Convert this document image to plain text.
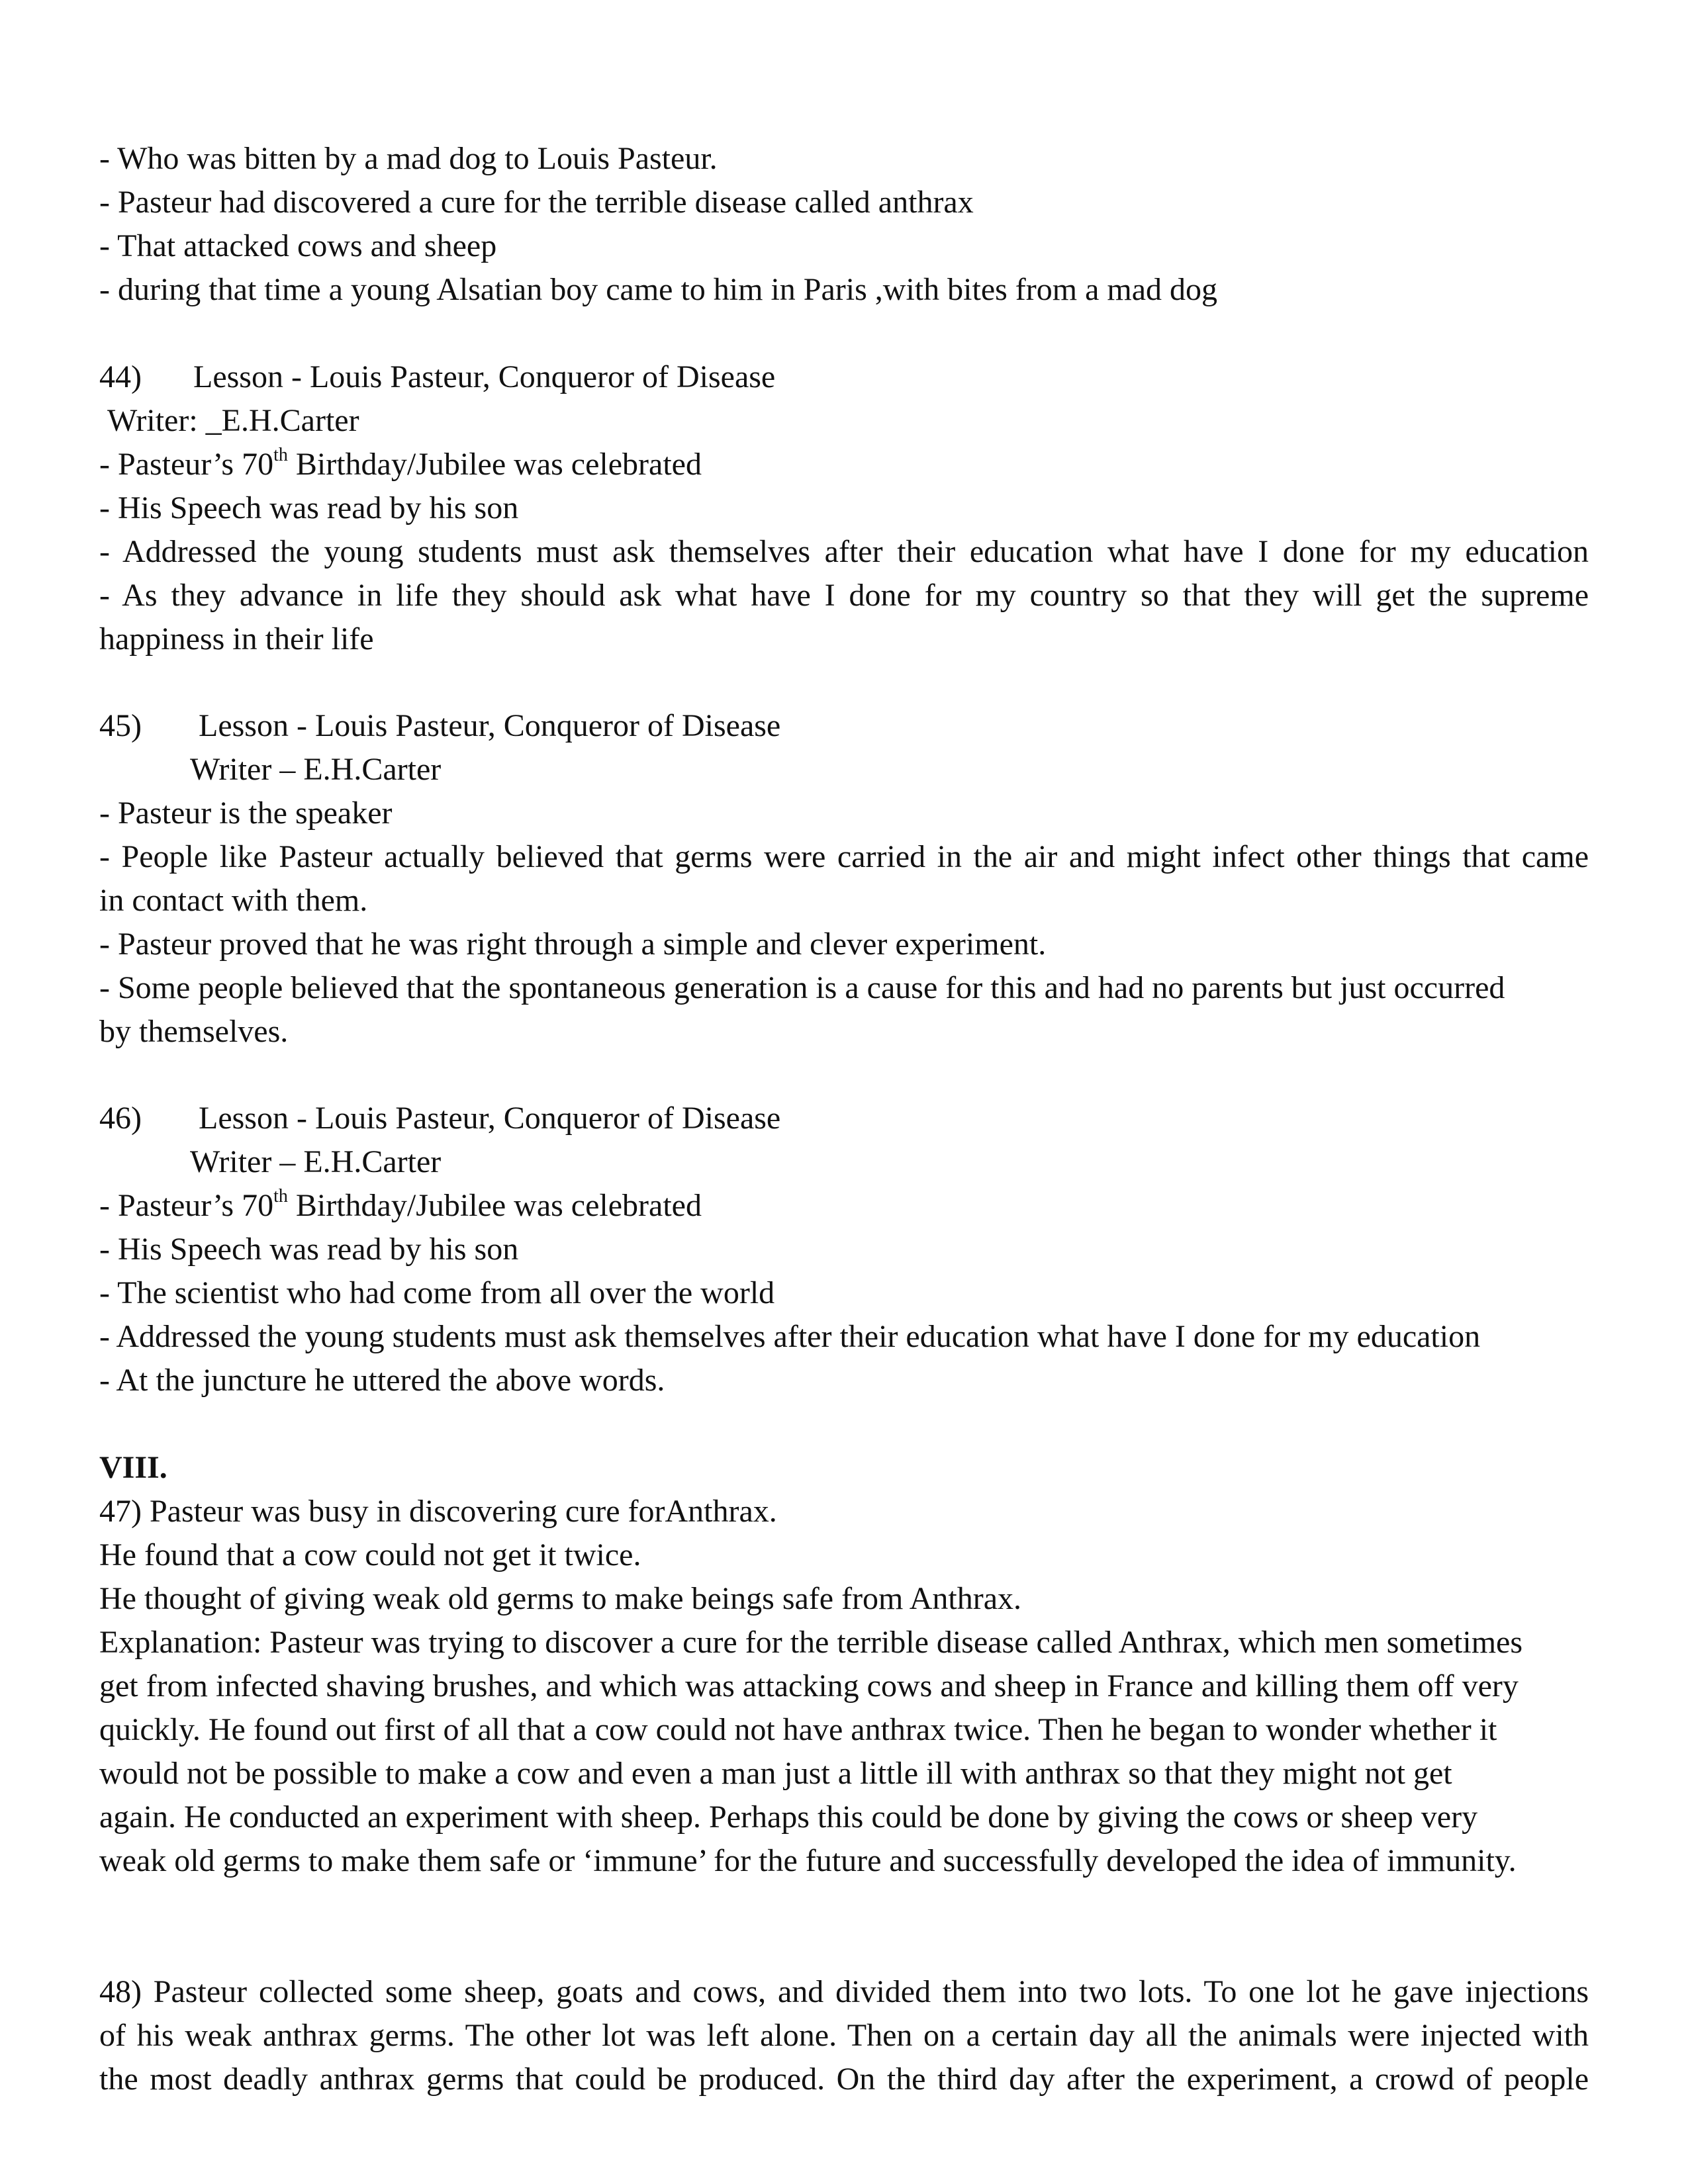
- Who was bitten by a mad dog to Louis Pasteur.
- Pasteur had discovered a cure for the terrible disease called anthrax
- That attacked cows and sheep
- during that time a young Alsatian boy came to him in Paris ,with bites from a mad dog
44) Lesson - Louis Pasteur, Conqueror of Disease
Writer: _E.H.Carter
- Pasteur’s 70th Birthday/Jubilee was celebrated
- His Speech was read by his son
- Addressed the young students must ask themselves after their education what have I done for my education
- As they advance in life they should ask what have I done for my country so that they will get the supreme
happiness in their life
45) Lesson - Louis Pasteur, Conqueror of Disease
Writer – E.H.Carter
- Pasteur is the speaker
- People like Pasteur actually believed that germs were carried in the air and might infect other things that came
in contact with them.
- Pasteur proved that he was right through a simple and clever experiment.
- Some people believed that the spontaneous generation is a cause for this and had no parents but just occurred
by themselves.
46) Lesson - Louis Pasteur, Conqueror of Disease
Writer – E.H.Carter
- Pasteur’s 70th Birthday/Jubilee was celebrated
- His Speech was read by his son
- The scientist who had come from all over the world
- Addressed the young students must ask themselves after their education what have I done for my education
- At the juncture he uttered the above words.
VIII.
47) Pasteur was busy in discovering cure forAnthrax.
He found that a cow could not get it twice.
He thought of giving weak old germs to make beings safe from Anthrax.
Explanation: Pasteur was trying to discover a cure for the terrible disease called Anthrax, which men sometimes
get from infected shaving brushes, and which was attacking cows and sheep in France and killing them off very
quickly. He found out first of all that a cow could not have anthrax twice. Then he began to wonder whether it
would not be possible to make a cow and even a man just a little ill with anthrax so that they might not get
again. He conducted an experiment with sheep. Perhaps this could be done by giving the cows or sheep very
weak old germs to make them safe or ‘immune’ for the future and successfully developed the idea of immunity.
48) Pasteur collected some sheep, goats and cows, and divided them into two lots. To one lot he gave injections
of his weak anthrax germs. The other lot was left alone. Then on a certain day all the animals were injected with
the most deadly anthrax germs that could be produced. On the third day after the experiment, a crowd of people
